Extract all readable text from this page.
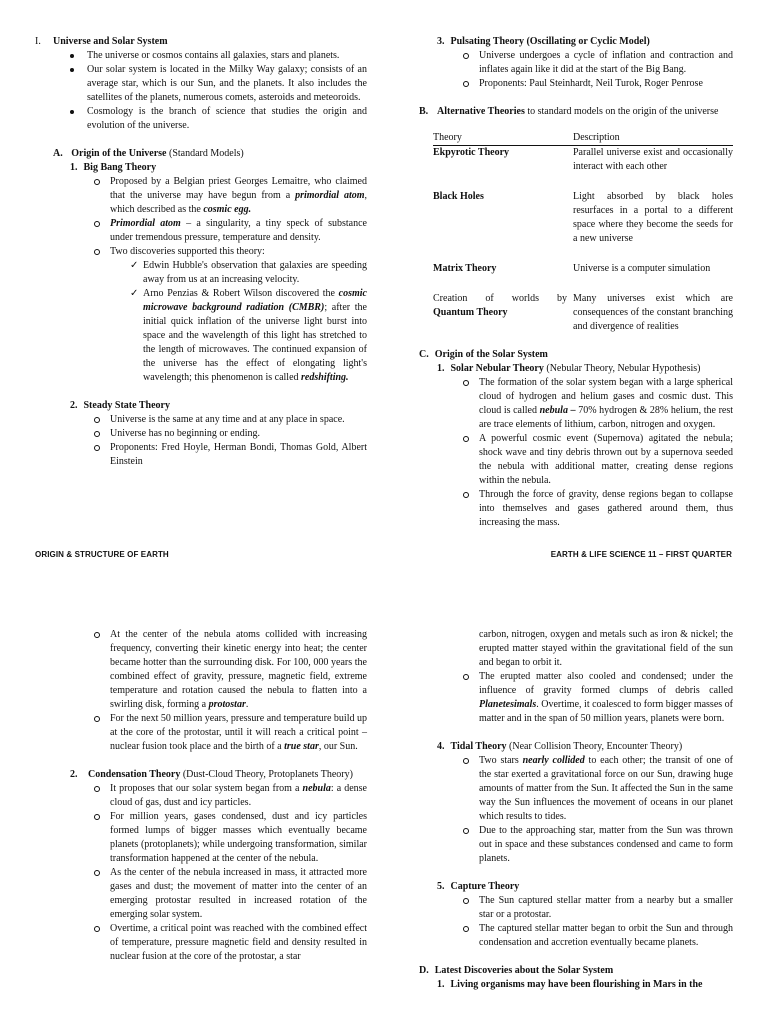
I. Universe and Solar System

The universe or cosmos contains all galaxies, stars and planets.

Our solar system is located in the Milky Way galaxy; consists of an average star, which is our Sun, and the planets. It also includes the satellites of the planets, numerous comets, asteroids and meteoroids.

Cosmology is the branch of science that studies the origin and evolution of the universe.

A. Origin of the Universe (Standard Models)
1. Big Bang Theory

Proposed by a Belgian priest Georges Lemaitre, who claimed that the universe may have begun from a primordial atom, which described as the cosmic egg.

Primordial atom – a singularity, a tiny speck of substance under tremendous pressure, temperature and density.

Two discoveries supported this theory:

✓ Edwin Hubble's observation that galaxies are speeding away from us at an increasing velocity.

✓ Arno Penzias & Robert Wilson discovered the cosmic microwave background radiation (CMBR); after the initial quick inflation of the universe light burst into space and the wavelength of this light has stretched to the length of microwaves. The continued expansion of the universe has the effect of elongating light's wavelength; this phenomenon is called redshifting.

2. Steady State Theory

Universe is the same at any time and at any place in space.

Universe has no beginning or ending.

Proponents: Fred Hoyle, Herman Bondi, Thomas Gold, Albert Einstein

3. Pulsating Theory (Oscillating or Cyclic Model)

Universe undergoes a cycle of inflation and contraction and inflates again like it did at the start of the Big Bang.

Proponents: Paul Steinhardt, Neil Turok, Roger Penrose

B. Alternative Theories to standard models on the origin of the universe

Theory	Description
Ekpyrotic Theory	Parallel universe exist and occasionally interact with each other
Black Holes	Light absorbed by black holes resurfaces in a portal to a different space where they become the seeds for a new universe
Matrix Theory	Universe is a computer simulation

Creation of worlds by
Quantum Theory	Many universes exist which are consequences of the constant branching and divergence of realities
C. Origin of the Solar System
1. Solar Nebular Theory (Nebular Theory, Nebular Hypothesis)

The formation of the solar system began with a large spherical cloud of hydrogen and helium gases and cosmic dust. This cloud is called nebula – 70% hydrogen & 28% helium, the rest are trace elements of lithium, carbon, nitrogen and oxygen.

A powerful cosmic event (Supernova) agitated the nebula; shock wave and tiny debris thrown out by a supernova seeded the nebula with additional matter, creating dense regions within the nebula.

Through the force of gravity, dense regions began to collapse into themselves and gases gathered around them, thus increasing the mass.

ORIGIN & STRUCTURE OF EARTH	EARTH & LIFE SCIENCE 11 – FIRST QUARTER

At the center of the nebula atoms collided with increasing frequency, converting their kinetic energy into heat; the center became hotter than the surrounding disk. For 100, 000 years the combined effect of gravity, pressure, magnetic field, extreme temperature and rotation caused the nebula to flatten into a swirling disk, forming a protostar.

For the next 50 million years, pressure and temperature build up at the core of the protostar, until it will reach a critical point – nuclear fusion took place and the birth of a true star, our Sun.

2. Condensation Theory (Dust-Cloud Theory, Protoplanets Theory)

It proposes that our solar system began from a nebula: a dense cloud of gas, dust and icy particles.

For million years, gases condensed, dust and icy particles formed lumps of bigger masses which eventually became planets (protoplanets); while undergoing transformation, similar transformation happened at the center of the nebula.

As the center of the nebula increased in mass, it attracted more gases and dust; the movement of matter into the center of an emerging protostar resulted in increased rotation of the emerging solar system.

Overtime, a critical point was reached with the combined effect of temperature, pressure magnetic field and density resulted in nuclear fusion at the core of the protostar, a star

carbon, nitrogen, oxygen and metals such as iron & nickel; the erupted matter stayed within the gravitational field of the sun and began to orbit it.

The erupted matter also cooled and condensed; under the influence of gravity formed clumps of debris called Planetesimals. Overtime, it coalesced to form bigger masses of matter and in the span of 50 million years, planets were born.

4. Tidal Theory (Near Collision Theory, Encounter Theory)

Two stars nearly collided to each other; the transit of one of the star exerted a gravitational force on our Sun, drawing huge amounts of matter from the Sun. It affected the Sun in the same way the Sun influences the movement of oceans in our planet which results to tides.

Due to the approaching star, matter from the Sun was thrown out in space and these substances condensed and came to form planets.

5. Capture Theory

The Sun captured stellar matter from a nearby but a smaller star or a protostar.

The captured stellar matter began to orbit the Sun and through condensation and accretion eventually became planets.

D. Latest Discoveries about the Solar System
1. Living organisms may have been flourishing in Mars in the
